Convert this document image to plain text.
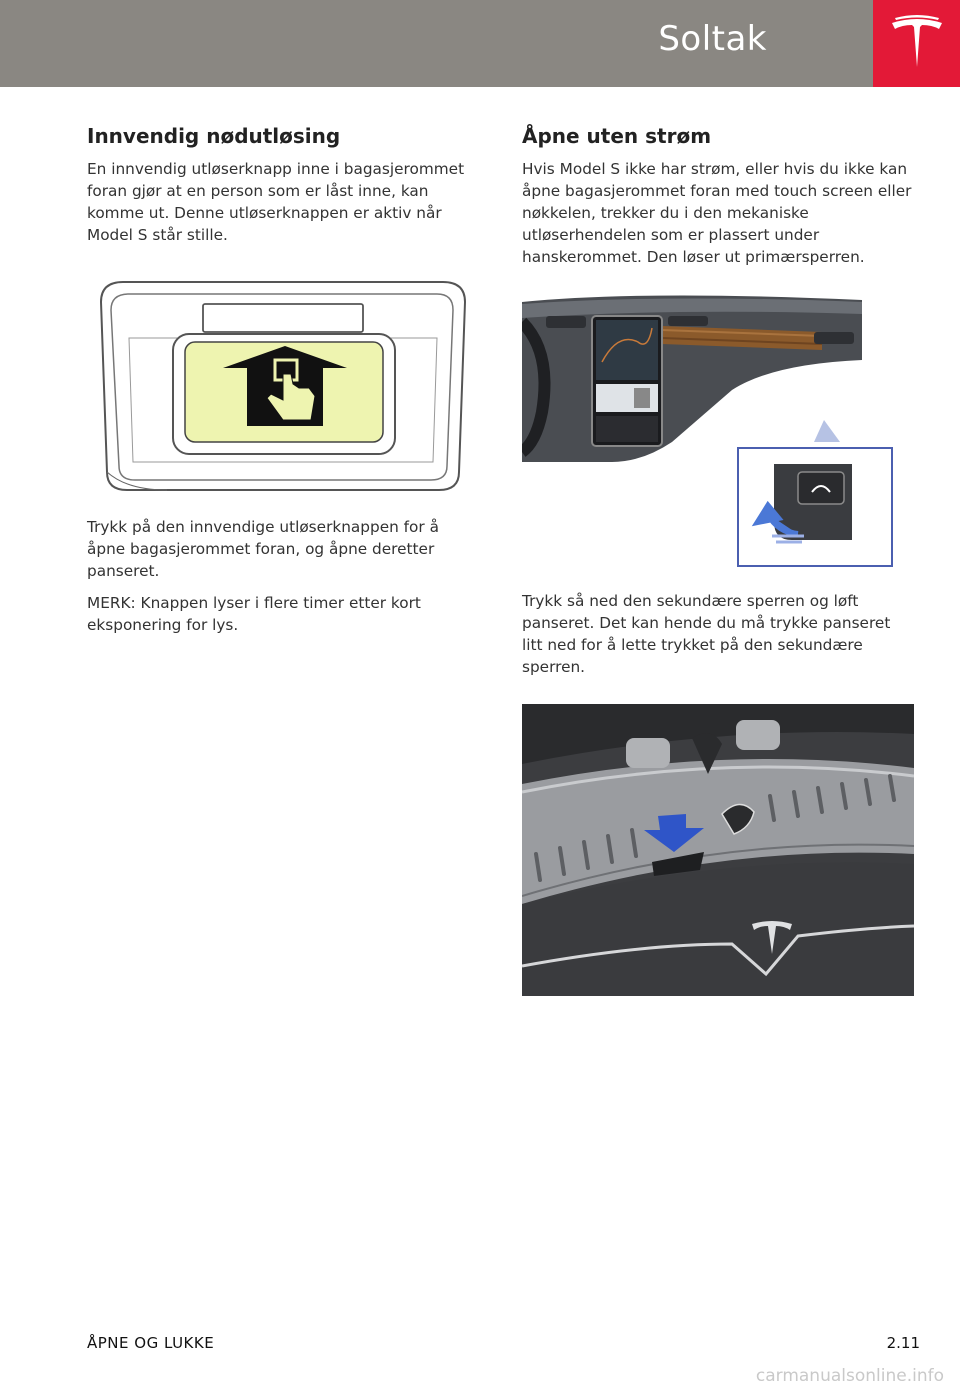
Soltak
Innvendig nødutløsing

En innvendig utløserknapp inne i bagasjerommet foran gjør at en person som er låst inne, kan komme ut. Denne utløserknappen er aktiv når Model S står stille.

Trykk på den innvendige utløserknappen for å åpne bagasjerommet foran, og åpne deretter panseret.

MERK: Knappen lyser i flere timer etter kort eksponering for lys.

Åpne uten strøm

Hvis Model S ikke har strøm, eller hvis du ikke kan åpne bagasjerommet foran med touch screen eller nøkkelen, trekker du i den mekaniske utløserhendelen som er plassert under hanskerommet. Den løser ut primærsperren.

Trykk så ned den sekundære sperren og løft panseret. Det kan hende du må trykke panseret litt ned for å lette trykket på den sekundære sperren.

ÅPNE OG LUKKE	2.11
carmanualsonline.info
